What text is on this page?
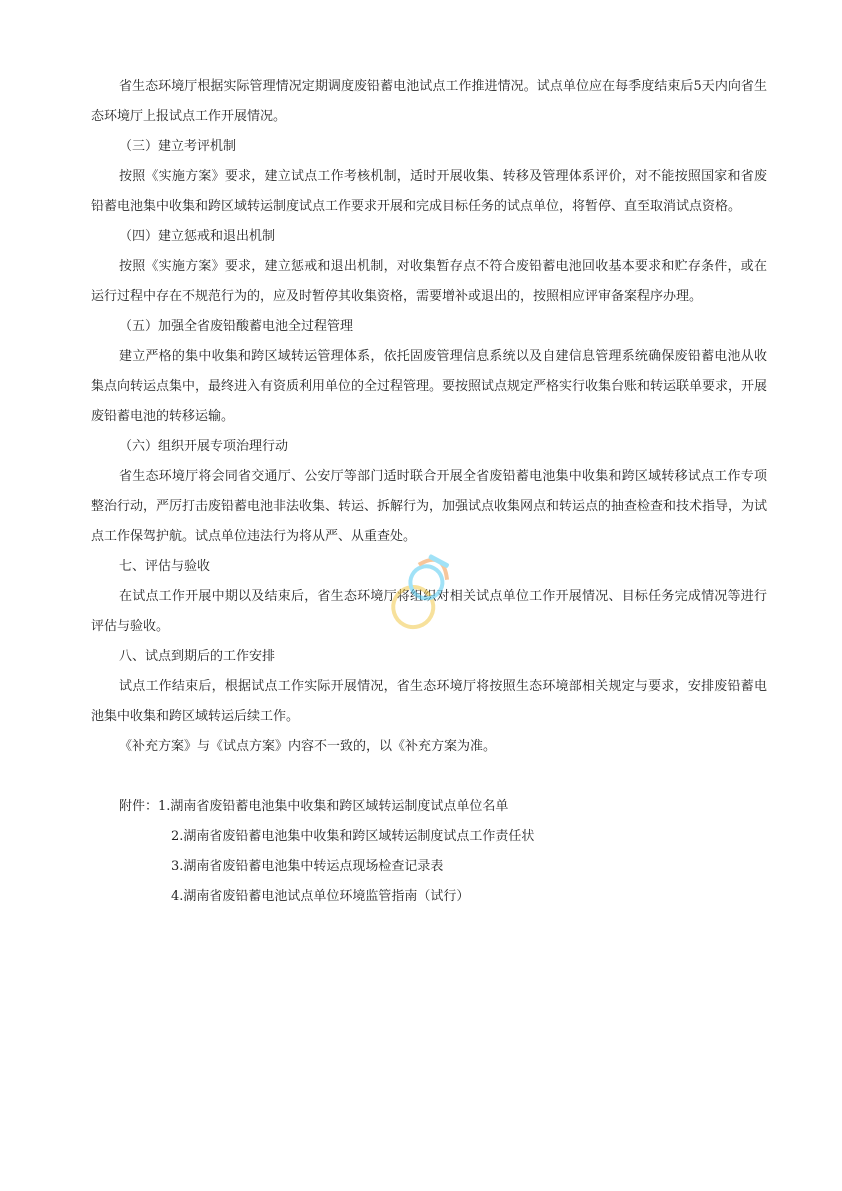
省生态环境厅根据实际管理情况定期调度废铅蓄电池试点工作推进情况。试点单位应在每季度结束后5天内向省生态环境厅上报试点工作开展情况。

（三）建立考评机制

按照《实施方案》要求，建立试点工作考核机制，适时开展收集、转移及管理体系评价，对不能按照国家和省废铅蓄电池集中收集和跨区域转运制度试点工作要求开展和完成目标任务的试点单位，将暂停、直至取消试点资格。

（四）建立惩戒和退出机制

按照《实施方案》要求，建立惩戒和退出机制，对收集暂存点不符合废铅蓄电池回收基本要求和贮存条件，或在运行过程中存在不规范行为的，应及时暂停其收集资格，需要增补或退出的，按照相应评审备案程序办理。

（五）加强全省废铅酸蓄电池全过程管理

建立严格的集中收集和跨区域转运管理体系，依托固废管理信息系统以及自建信息管理系统确保废铅蓄电池从收集点向转运点集中，最终进入有资质利用单位的全过程管理。要按照试点规定严格实行收集台账和转运联单要求，开展废铅蓄电池的转移运输。

（六）组织开展专项治理行动

省生态环境厅将会同省交通厅、公安厅等部门适时联合开展全省废铅蓄电池集中收集和跨区域转移试点工作专项整治行动，严厉打击废铅蓄电池非法收集、转运、拆解行为，加强试点收集网点和转运点的抽查检查和技术指导，为试点工作保驾护航。试点单位违法行为将从严、从重查处。

七、评估与验收

在试点工作开展中期以及结束后，省生态环境厅将组织对相关试点单位工作开展情况、目标任务完成情况等进行评估与验收。

八、试点到期后的工作安排

试点工作结束后，根据试点工作实际开展情况，省生态环境厅将按照生态环境部相关规定与要求，安排废铅蓄电池集中收集和跨区域转运后续工作。

《补充方案》与《试点方案》内容不一致的，以《补充方案为准。

附件：1.湖南省废铅蓄电池集中收集和跨区域转运制度试点单位名单

2.湖南省废铅蓄电池集中收集和跨区域转运制度试点工作责任状

3.湖南省废铅蓄电池集中转运点现场检查记录表

4.湖南省废铅蓄电池试点单位环境监管指南（试行）
